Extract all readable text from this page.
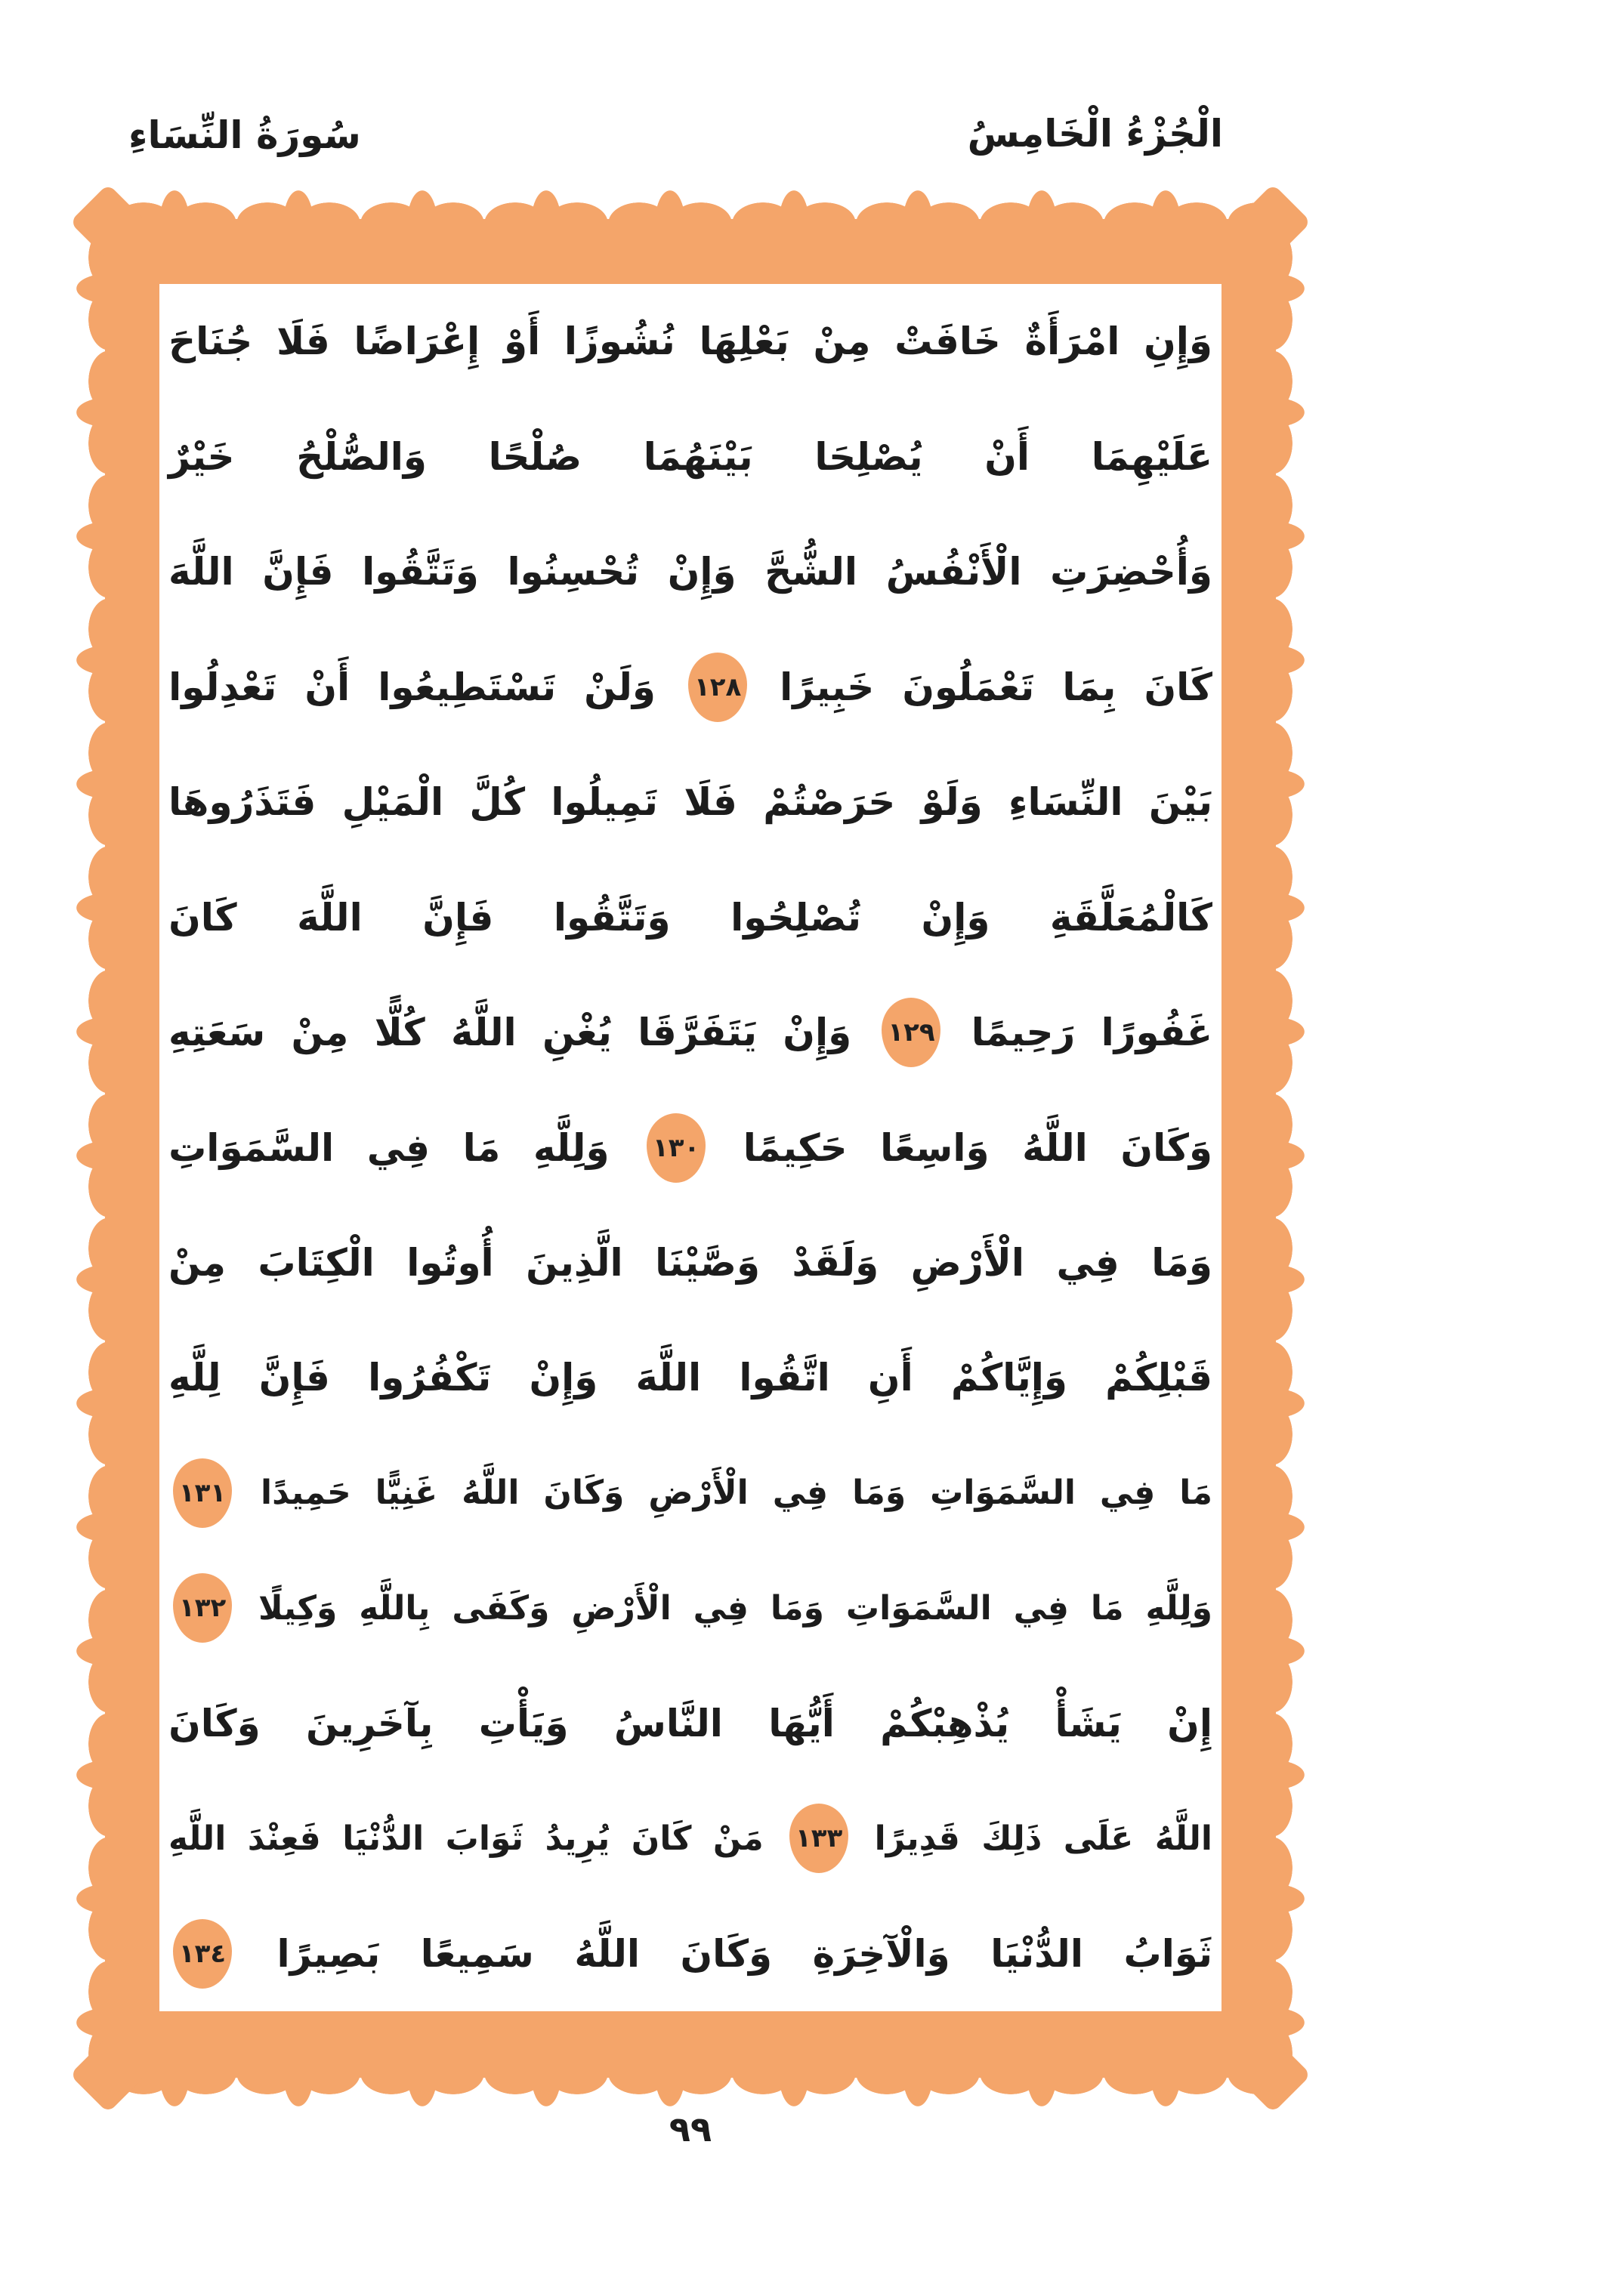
سُورَةُ النِّسَاءِ	الْجُزْءُ الْخَامِسُ
وَإِنِ
امْرَأَةٌ
خَافَتْ
مِنْ
بَعْلِهَا
نُشُوزًا
أَوْ
إِعْرَاضًا
فَلَا
جُنَاحَ
عَلَيْهِمَا
أَنْ
يُصْلِحَا
بَيْنَهُمَا
صُلْحًا
وَالصُّلْحُ
خَيْرٌ
وَأُحْضِرَتِ
الْأَنْفُسُ
الشُّحَّ
وَإِنْ
تُحْسِنُوا
وَتَتَّقُوا
فَإِنَّ
اللَّهَ
كَانَ
بِمَا
تَعْمَلُونَ
خَبِيرًا
١٢٨
وَلَنْ
تَسْتَطِيعُوا
أَنْ
تَعْدِلُوا
بَيْنَ
النِّسَاءِ
وَلَوْ
حَرَصْتُمْ
فَلَا
تَمِيلُوا
كُلَّ
الْمَيْلِ
فَتَذَرُوهَا
كَالْمُعَلَّقَةِ
وَإِنْ
تُصْلِحُوا
وَتَتَّقُوا
فَإِنَّ
اللَّهَ
كَانَ
غَفُورًا
رَحِيمًا
١٢٩
وَإِنْ
يَتَفَرَّقَا
يُغْنِ
اللَّهُ
كُلًّا
مِنْ
سَعَتِهِ
وَكَانَ
اللَّهُ
وَاسِعًا
حَكِيمًا
١٣٠
وَلِلَّهِ
مَا
فِي
السَّمَوَاتِ
وَمَا
فِي
الْأَرْضِ
وَلَقَدْ
وَصَّيْنَا
الَّذِينَ
أُوتُوا
الْكِتَابَ
مِنْ
قَبْلِكُمْ
وَإِيَّاكُمْ
أَنِ
اتَّقُوا
اللَّهَ
وَإِنْ
تَكْفُرُوا
فَإِنَّ
لِلَّهِ
مَا
فِي
السَّمَوَاتِ
وَمَا
فِي
الْأَرْضِ
وَكَانَ
اللَّهُ
غَنِيًّا
حَمِيدًا
١٣١
وَلِلَّهِ
مَا
فِي
السَّمَوَاتِ
وَمَا
فِي
الْأَرْضِ
وَكَفَى
بِاللَّهِ
وَكِيلًا
١٣٢
إِنْ
يَشَأْ
يُذْهِبْكُمْ
أَيُّهَا
النَّاسُ
وَيَأْتِ
بِآخَرِينَ
وَكَانَ
اللَّهُ
عَلَى
ذَلِكَ
قَدِيرًا
١٣٣
مَنْ
كَانَ
يُرِيدُ
ثَوَابَ
الدُّنْيَا
فَعِنْدَ
اللَّهِ
ثَوَابُ
الدُّنْيَا
وَالْآخِرَةِ
وَكَانَ
اللَّهُ
سَمِيعًا
بَصِيرًا
١٣٤
٩٩
